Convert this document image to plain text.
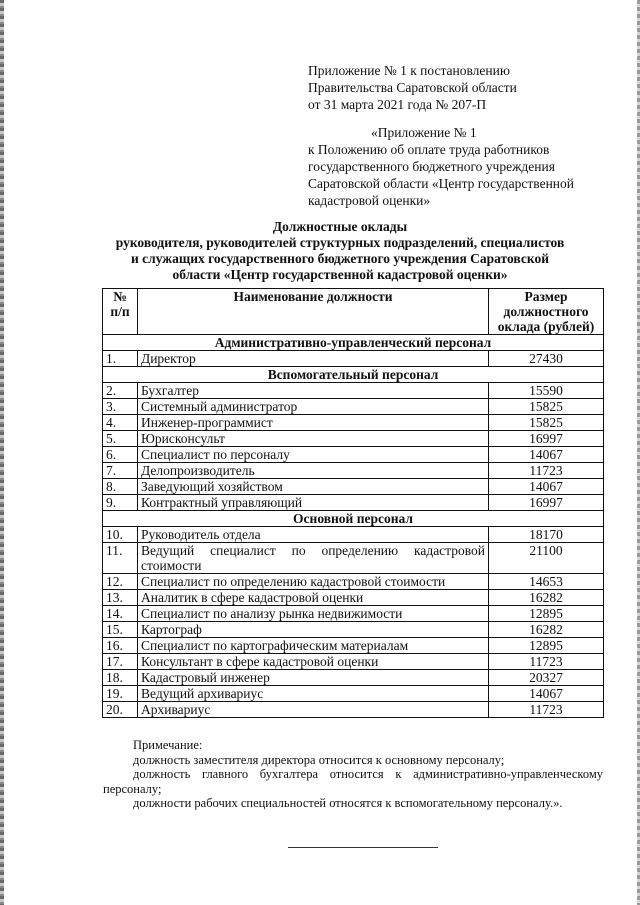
Приложение № 1 к постановлению
Правительства Саратовской области
от 31 марта 2021 года № 207-П
«Приложение № 1
к Положению об оплате труда работников
государственного бюджетного учреждения
Саратовской области «Центр государственной
кадастровой оценки»
Должностные оклады
руководителя, руководителей структурных подразделений, специалистов
и служащих государственного бюджетного учреждения Саратовской
области «Центр государственной кадастровой оценки»
№ п/п	Наименование должности	Размер должностного оклада (рублей)
Административно-управленческий персонал		
1.	Директор	27430
Вспомогательный персонал		
2.	Бухгалтер	15590
3.	Системный администратор	15825
4.	Инженер-программист	15825
5.	Юрисконсульт	16997
6.	Специалист по персоналу	14067
7.	Делопроизводитель	11723
8.	Заведующий хозяйством	14067
9.	Контрактный управляющий	16997
Основной персонал		
10.	Руководитель отдела	18170
11.	Ведущий специалист по определению кадастровой стоимости	21100
12.	Специалист по определению кадастровой стоимости	14653
13.	Аналитик в сфере кадастровой оценки	16282
14.	Специалист по анализу рынка недвижимости	12895
15.	Картограф	16282
16.	Специалист по картографическим материалам	12895
17.	Консультант в сфере кадастровой оценки	11723
18.	Кадастровый инженер	20327
19.	Ведущий архивариус	14067
20.	Архивариус	11723

Примечание:

должность заместителя директора относится к основному персоналу;

должность главного бухгалтера относится к административно-управленческому персоналу;

должности рабочих специальностей относятся к вспомогательному персоналу.».
